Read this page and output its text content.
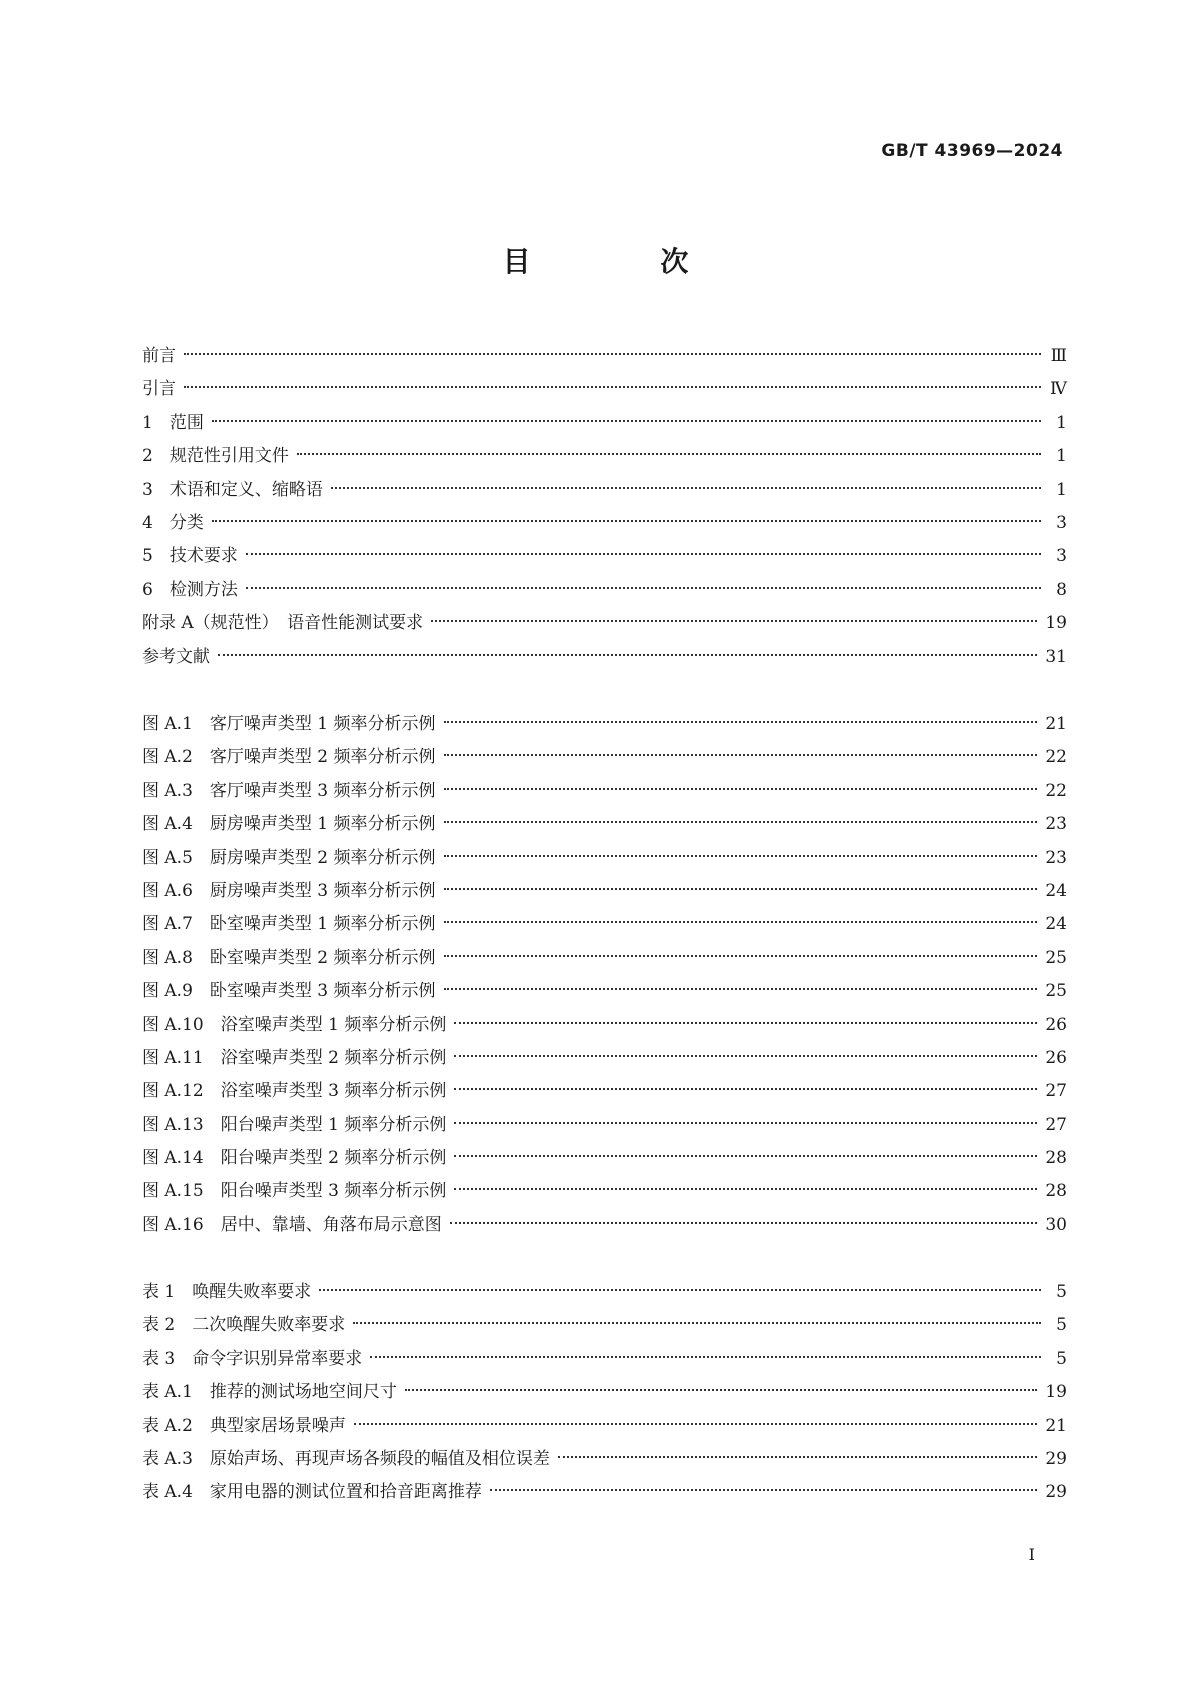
GB/T 43969—2024
目 次
前言	Ⅲ
引言	Ⅳ
1　范围	1
2　规范性引用文件	1
3　术语和定义、缩略语	1
4　分类	3
5　技术要求	3
6　检测方法	8
附录 A（规范性）　语音性能测试要求	19
参考文献	31
图 A.1　客厅噪声类型 1 频率分析示例	21
图 A.2　客厅噪声类型 2 频率分析示例	22
图 A.3　客厅噪声类型 3 频率分析示例	22
图 A.4　厨房噪声类型 1 频率分析示例	23
图 A.5　厨房噪声类型 2 频率分析示例	23
图 A.6　厨房噪声类型 3 频率分析示例	24
图 A.7　卧室噪声类型 1 频率分析示例	24
图 A.8　卧室噪声类型 2 频率分析示例	25
图 A.9　卧室噪声类型 3 频率分析示例	25
图 A.10　浴室噪声类型 1 频率分析示例	26
图 A.11　浴室噪声类型 2 频率分析示例	26
图 A.12　浴室噪声类型 3 频率分析示例	27
图 A.13　阳台噪声类型 1 频率分析示例	27
图 A.14　阳台噪声类型 2 频率分析示例	28
图 A.15　阳台噪声类型 3 频率分析示例	28
图 A.16　居中、靠墙、角落布局示意图	30
表 1　唤醒失败率要求	5
表 2　二次唤醒失败率要求	5
表 3　命令字识别异常率要求	5
表 A.1　推荐的测试场地空间尺寸	19
表 A.2　典型家居场景噪声	21
表 A.3　原始声场、再现声场各频段的幅值及相位误差	29
表 A.4　家用电器的测试位置和拾音距离推荐	29
I
